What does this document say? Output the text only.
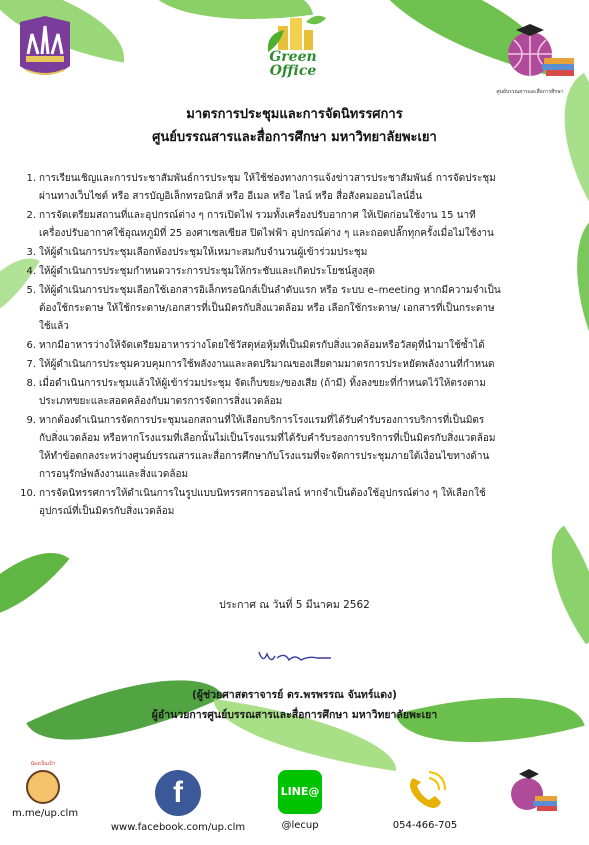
Green
Office
ศูนย์บรรณสารและสื่อการศึกษา
มาตรการประชุมและการจัดนิทรรศการ
ศูนย์บรรณสารและสื่อการศึกษา มหาวิทยาลัยพะเยา
1. การเรียนเชิญและการประชาสัมพันธ์การประชุม ให้ใช้ช่องทางการแจ้งข่าวสารประชาสัมพันธ์ การจัดประชุม
ผ่านทางเว็บไซต์ หรือ สารบัญอิเล็กทรอนิกส์ หรือ อีเมล หรือ ไลน์ หรือ สื่อสังคมออนไลน์อื่น
2. การจัดเตรียมสถานที่และอุปกรณ์ต่าง ๆ การเปิดไฟ รวมทั้งเครื่องปรับอากาศ ให้เปิดก่อนใช้งาน 15 นาที
เครื่องปรับอากาศใช้อุณหภูมิที่ 25 องศาเซลเซียส ปิดไฟฟ้า อุปกรณ์ต่าง ๆ และถอดปลั๊กทุกครั้งเมื่อไม่ใช้งาน
3. ให้ผู้ดำเนินการประชุมเลือกห้องประชุมให้เหมาะสมกับจำนวนผู้เข้าร่วมประชุม
4. ให้ผู้ดำเนินการประชุมกำหนดวาระการประชุมให้กระชับและเกิดประโยชน์สูงสุด
5. ให้ผู้ดำเนินการประชุมเลือกใช้เอกสารอิเล็กทรอนิกส์เป็นลำดับแรก หรือ ระบบ e–meeting หากมีความจำเป็น
ต้องใช้กระดาษ ให้ใช้กระดาษ/เอกสารที่เป็นมิตรกับสิ่งแวดล้อม หรือ เลือกใช้กระดาษ/ เอกสารที่เป็นกระดาษ
ใช้แล้ว
6. หากมีอาหารว่างให้จัดเตรียมอาหารว่างโดยใช้วัสดุห่อหุ้มที่เป็นมิตรกับสิ่งแวดล้อมหรือวัสดุที่นำมาใช้ซ้ำได้
7. ให้ผู้ดำเนินการประชุมควบคุมการใช้พลังงานและลดปริมาณของเสียตามมาตรการประหยัดพลังงานที่กำหนด
8. เมื่อดำเนินการประชุมแล้วให้ผู้เข้าร่วมประชุม จัดเก็บขยะ/ของเสีย (ถ้ามี) ทิ้งลงขยะที่กำหนดไว้ให้ตรงตาม
ประเภทขยะและสอดคล้องกับมาตรการจัดการสิ่งแวดล้อม
9. หากต้องดำเนินการจัดการประชุมนอกสถานที่ให้เลือกบริการโรงแรมที่ได้รับคำรับรองการบริการที่เป็นมิตร
กับสิ่งแวดล้อม หรือหากโรงแรมที่เลือกนั้นไม่เป็นโรงแรมที่ได้รับคำรับรองการบริการที่เป็นมิตรกับสิ่งแวดล้อม
ให้ทำข้อตกลงระหว่างศูนย์บรรณสารและสื่อการศึกษากับโรงแรมที่จะจัดการประชุมภายใต้เงื่อนไขทางด้าน
การอนุรักษ์พลังงานและสิ่งแวดล้อม
10. การจัดนิทรรศการให้ดำเนินการในรูปแบบนิทรรศการออนไลน์ หากจำเป็นต้องใช้อุปกรณ์ต่าง ๆ ให้เลือกใช้
อุปกรณ์ที่เป็นมิตรกับสิ่งแวดล้อม
ประกาศ ณ วันที่ 5 มีนาคม 2562
(ผู้ช่วยศาสตราจารย์ ดร.พรพรรณ จันทร์แดง)
ผู้อำนวยการศูนย์บรรณสารและสื่อการศึกษา มหาวิทยาลัยพะเยา
น้องเป็นเป้า
m.me/up.clm
f
www.facebook.com/up.clm
LINE@
@lecup	054-466-705
